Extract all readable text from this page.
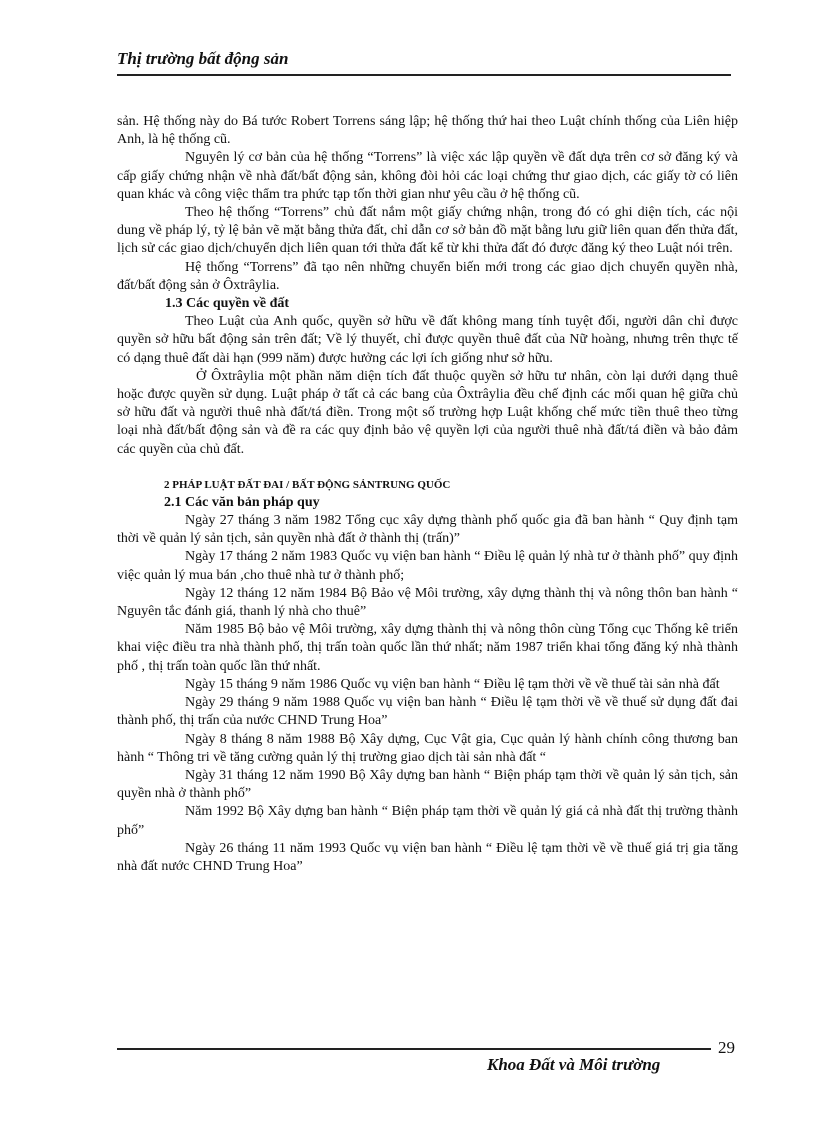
Thị trường bất động sản

sản. Hệ thống này do Bá tước Robert Torrens sáng lập; hệ thống thứ hai theo Luật chính thống của Liên hiệp Anh, là hệ thống cũ.

Nguyên lý cơ bản của hệ thống “Torrens” là việc xác lập quyền về đất dựa trên cơ sở đăng ký và cấp giấy chứng nhận về nhà đất/bất động sản, không đòi hỏi các loại chứng thư giao dịch, các giấy tờ có liên quan khác và công việc thẩm tra phức tạp tốn thời gian như yêu cầu ở hệ thống cũ.

Theo hệ thống “Torrens” chủ đất nắm một giấy chứng nhận, trong đó có ghi diện tích, các nội dung về pháp lý, tỷ lệ bản vẽ mặt bằng thửa đất, chỉ dẫn cơ sở bản đồ mặt bằng lưu giữ liên quan đến thửa đất, lịch sử các giao dịch/chuyển dịch liên quan tới thửa đất kể từ khi thửa đất đó được đăng ký theo Luật nói trên.

Hệ thống “Torrens” đã tạo nên những chuyển biến mới trong các giao dịch chuyển quyền nhà, đất/bất động sản ở Ôxtrâylia.

1.3 Các quyền về đất

Theo Luật của Anh quốc, quyền sở hữu về đất không mang tính tuyệt đối, người dân chỉ được quyền sở hữu bất động sản trên đất; Về lý thuyết, chỉ được quyền thuê đất của Nữ hoàng, nhưng trên thực tế có dạng thuê đất dài hạn (999 năm) được hưởng các lợi ích giống như sở hữu.

Ở Ôxtrâylia một phần năm diện tích đất thuộc quyền sở hữu tư nhân, còn lại dưới dạng thuê hoặc được quyền sử dụng. Luật pháp ở tất cả các bang của Ôxtrâylia đều chế định các mối quan hệ giữa chủ sở hữu đất và người thuê nhà đất/tá điền. Trong một số trường hợp Luật khống chế mức tiền thuê theo từng loại nhà đất/bất động sản và đề ra các quy định bảo vệ quyền lợi của người thuê nhà đất/tá điền và bảo đảm các quyền của chủ đất.

2 PHÁP LUẬT ĐẤT ĐAI / BẤT ĐỘNG SẢNTRUNG QUỐC

2.1 Các văn bản pháp quy

Ngày 27 tháng 3 năm 1982 Tổng cục xây dựng thành phố quốc gia đã ban hành “ Quy định tạm thời về quản lý sản tịch, sản quyền nhà đất ở thành thị (trấn)”

Ngày 17 tháng 2 năm 1983 Quốc vụ viện ban hành “ Điều lệ quản lý nhà tư ở thành phố” quy định việc quản lý mua bán ,cho thuê nhà tư ở thành phố;

Ngày 12 tháng 12 năm 1984 Bộ Bảo vệ Môi trường, xây dựng thành thị và nông thôn ban hành “ Nguyên tắc đánh giá, thanh lý nhà cho thuê”

Năm 1985 Bộ bảo vệ Môi trường, xây dựng thành thị và nông thôn cùng Tổng cục Thống kê triển khai việc điều tra nhà thành phố, thị trấn toàn quốc lần thứ nhất; năm 1987 triển khai tổng đăng ký nhà thành phố , thị trấn toàn quốc lần thứ nhất.

Ngày 15 tháng 9 năm 1986 Quốc vụ viện ban hành “ Điều lệ tạm thời về về thuế tài sản nhà đất

Ngày 29 tháng 9 năm 1988 Quốc vụ viện ban hành “ Điều lệ tạm thời về về thuế sử dụng đất đai thành phố, thị trấn của nước CHND Trung Hoa”

Ngày 8 tháng 8 năm 1988 Bộ Xây dựng, Cục Vật gia, Cục quản lý hành chính công thương ban hành “ Thông tri về tăng cường quản lý thị trường giao dịch tài sản nhà đất “

Ngày 31 tháng 12 năm 1990 Bộ Xây dựng ban hành “ Biện pháp tạm thời về quản lý sản tịch, sản quyền nhà ở thành phố”

Năm 1992 Bộ Xây dựng ban hành “ Biện pháp tạm thời về quản lý giá cả nhà đất thị trường thành phố”

Ngày 26 tháng 11 năm 1993 Quốc vụ viện ban hành “ Điều lệ tạm thời về về thuế giá trị gia tăng nhà đất nước CHND Trung Hoa”

29
Khoa Đất và Môi trường
